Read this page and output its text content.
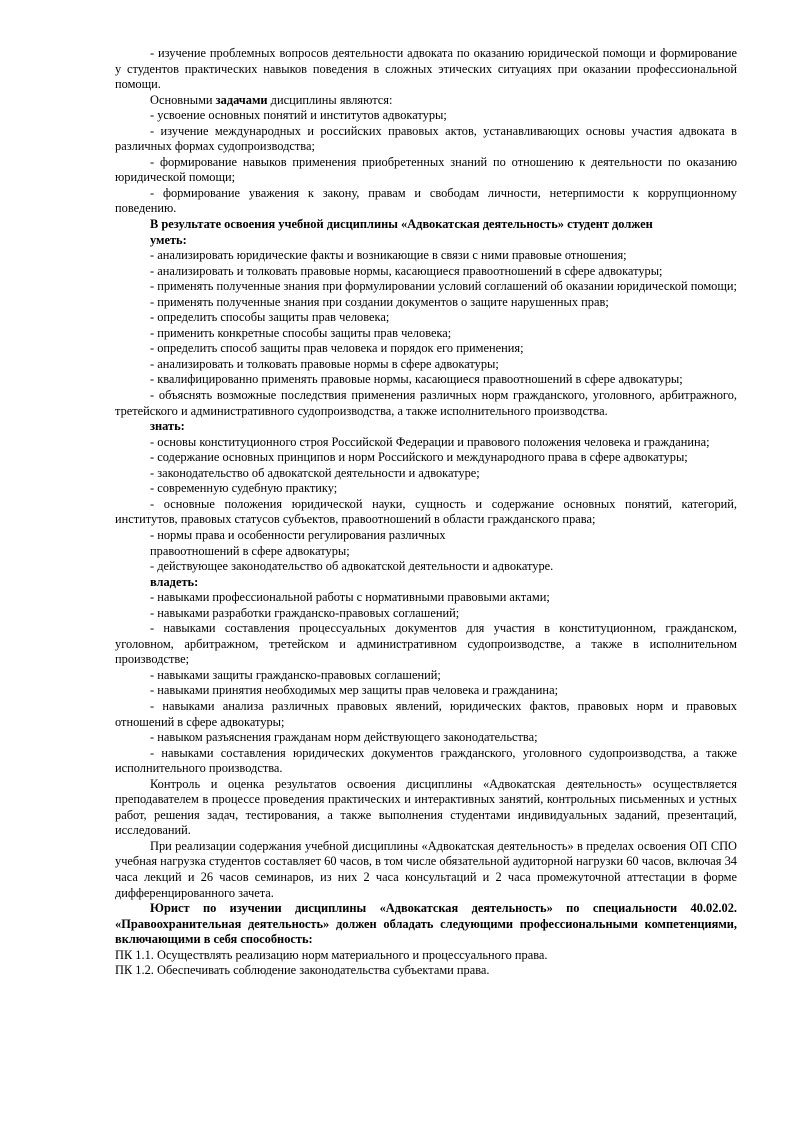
- изучение проблемных вопросов деятельности адвоката по оказанию юридической помощи и формирование у студентов практических навыков поведения в сложных этических ситуациях при оказании профессиональной помощи.

Основными задачами дисциплины являются:

- усвоение основных понятий и институтов адвокатуры;

- изучение международных и российских правовых актов, устанавливающих основы участия адвоката в различных формах судопроизводства;

- формирование навыков применения приобретенных знаний по отношению к деятельности по оказанию юридической помощи;

- формирование уважения к закону, правам и свободам личности, нетерпимости к коррупционному поведению.

В результате освоения учебной дисциплины «Адвокатская деятельность» студент должен

уметь:

- анализировать юридические факты и возникающие в связи с ними правовые отношения;

- анализировать и толковать правовые нормы, касающиеся правоотношений в сфере адвокатуры;

- применять полученные знания при формулировании условий соглашений об оказании юридической помощи;

- применять полученные знания при создании документов о защите нарушенных прав;

- определить способы защиты прав человека;

- применить конкретные способы защиты прав человека;

- определить способ защиты прав человека и порядок его применения;

- анализировать и толковать правовые нормы в сфере адвокатуры;

- квалифицированно применять правовые нормы, касающиеся правоотношений в сфере адвокатуры;

- объяснять возможные последствия применения различных норм гражданского, уголовного, арбитражного, третейского и административного судопроизводства, а также исполнительного производства.

знать:

- основы конституционного строя Российской Федерации и правового положения человека и гражданина;

- содержание основных принципов и норм Российского и международного права в сфере адвокатуры;

- законодательство об адвокатской деятельности и адвокатуре;

- современную судебную практику;

- основные положения юридической науки, сущность и содержание основных понятий, категорий, институтов, правовых статусов субъектов, правоотношений в области гражданского права;

- нормы права и особенности регулирования различных

правоотношений в сфере адвокатуры;

- действующее законодательство об адвокатской деятельности и адвокатуре.

владеть:

- навыками профессиональной работы с нормативными правовыми актами;

- навыками разработки гражданско-правовых соглашений;

- навыками составления процессуальных документов для участия в конституционном, гражданском, уголовном, арбитражном, третейском и административном судопроизводстве, а также в исполнительном производстве;

- навыками защиты гражданско-правовых соглашений;

- навыками принятия необходимых мер защиты прав человека и гражданина;

- навыками анализа различных правовых явлений, юридических фактов, правовых норм и правовых отношений в сфере адвокатуры;

- навыком разъяснения гражданам норм действующего законодательства;

- навыками составления юридических документов гражданского, уголовного судопроизводства, а также исполнительного производства.

Контроль и оценка результатов освоения дисциплины «Адвокатская деятельность» осуществляется преподавателем в процессе проведения практических и интерактивных занятий, контрольных письменных и устных работ, решения задач, тестирования, а также выполнения студентами индивидуальных заданий, презентаций, исследований.

При реализации содержания учебной дисциплины «Адвокатская деятельность» в пределах освоения ОП СПО учебная нагрузка студентов составляет 60 часов, в том числе обязательной аудиторной нагрузки 60 часов, включая 34 часа лекций и 26 часов семинаров, из них 2 часа консультаций и 2 часа промежуточной аттестации в форме дифференцированного зачета.

Юрист по изучении дисциплины «Адвокатская деятельность» по специальности 40.02.02. «Правоохранительная деятельность» должен обладать следующими профессиональными компетенциями, включающими в себя способность:

ПК 1.1. Осуществлять реализацию норм материального и процессуального права.

ПК 1.2. Обеспечивать соблюдение законодательства субъектами права.
